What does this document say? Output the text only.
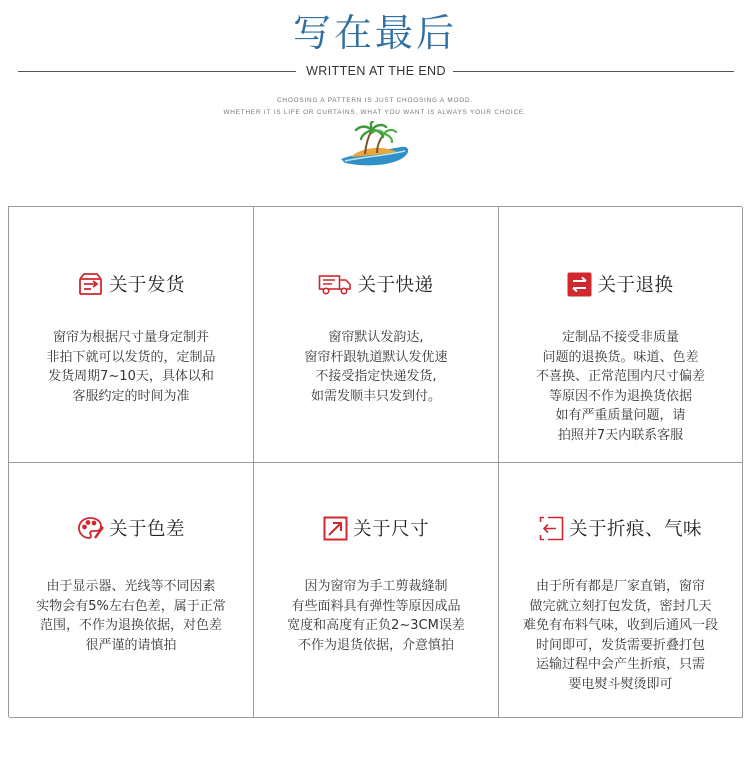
写在最后
WRITTEN AT THE END
CHOOSING A PATTERN IS JUST CHOOSING A MOOD.
WHETHER IT IS LIFE OR CURTAINS, WHAT YOU WANT IS ALWAYS YOUR CHOICE.
关于发货
窗帘为根据尺寸量身定制并
非拍下就可以发货的，定制品
发货周期7~10天，具体以和
客服约定的时间为准
关于快递
窗帘默认发韵达,
窗帘杆跟轨道默认发优速
不接受指定快递发货,
如需发顺丰只发到付。
关于退换
定制品不接受非质量
问题的退换货。味道、色差
不喜换、正常范围内尺寸偏差
等原因不作为退换货依据
如有严重质量问题，请
拍照并7天内联系客服
关于色差
由于显示器、光线等不同因素
实物会有5%左右色差，属于正常
范围，不作为退换依据，对色差
很严谨的请慎拍
关于尺寸
因为窗帘为手工剪裁缝制
有些面料具有弹性等原因成品
宽度和高度有正负2~3CM误差
不作为退货依据，介意慎拍
关于折痕、气味
由于所有都是厂家直销，窗帘
做完就立刻打包发货，密封几天
难免有布料气味，收到后通风一段
时间即可，发货需要折叠打包
运输过程中会产生折痕，只需
要电熨斗熨烫即可
